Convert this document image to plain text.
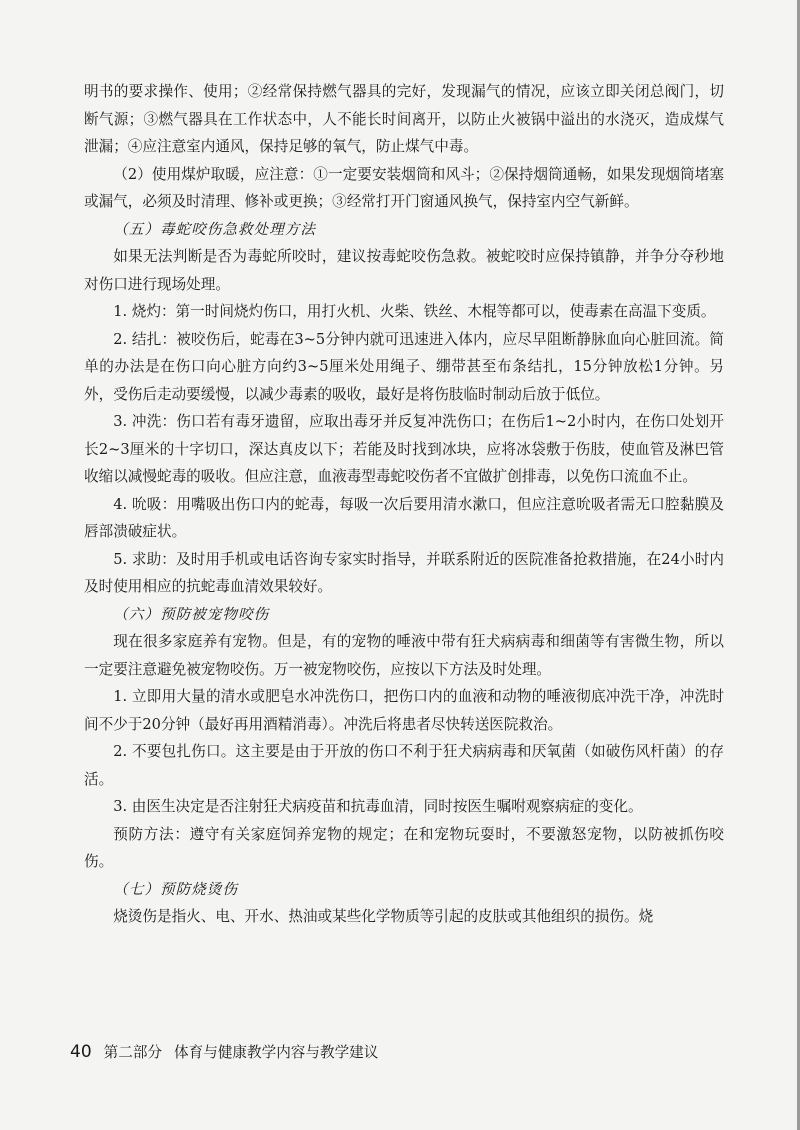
明书的要求操作、使用；②经常保持燃气器具的完好，发现漏气的情况，应该立即关闭总阀门，切断气源；③燃气器具在工作状态中，人不能长时间离开，以防止火被锅中溢出的水浇灭，造成煤气泄漏；④应注意室内通风，保持足够的氧气，防止煤气中毒。

（2）使用煤炉取暖，应注意：①一定要安装烟筒和风斗；②保持烟筒通畅，如果发现烟筒堵塞或漏气，必须及时清理、修补或更换；③经常打开门窗通风换气，保持室内空气新鲜。

（五）毒蛇咬伤急救处理方法

如果无法判断是否为毒蛇所咬时，建议按毒蛇咬伤急救。被蛇咬时应保持镇静，并争分夺秒地对伤口进行现场处理。

1. 烧灼：第一时间烧灼伤口，用打火机、火柴、铁丝、木棍等都可以，使毒素在高温下变质。

2. 结扎：被咬伤后，蛇毒在3~5分钟内就可迅速进入体内，应尽早阻断静脉血向心脏回流。简单的办法是在伤口向心脏方向约3~5厘米处用绳子、绷带甚至布条结扎，15分钟放松1分钟。另外，受伤后走动要缓慢，以减少毒素的吸收，最好是将伤肢临时制动后放于低位。

3. 冲洗：伤口若有毒牙遗留，应取出毒牙并反复冲洗伤口；在伤后1~2小时内，在伤口处划开长2~3厘米的十字切口，深达真皮以下；若能及时找到冰块，应将冰袋敷于伤肢，使血管及淋巴管收缩以减慢蛇毒的吸收。但应注意，血液毒型毒蛇咬伤者不宜做扩创排毒，以免伤口流血不止。

4. 吮吸：用嘴吸出伤口内的蛇毒，每吸一次后要用清水漱口，但应注意吮吸者需无口腔黏膜及唇部溃破症状。

5. 求助：及时用手机或电话咨询专家实时指导，并联系附近的医院准备抢救措施，在24小时内及时使用相应的抗蛇毒血清效果较好。

（六）预防被宠物咬伤

现在很多家庭养有宠物。但是，有的宠物的唾液中带有狂犬病病毒和细菌等有害微生物，所以一定要注意避免被宠物咬伤。万一被宠物咬伤，应按以下方法及时处理。

1. 立即用大量的清水或肥皂水冲洗伤口，把伤口内的血液和动物的唾液彻底冲洗干净，冲洗时间不少于20分钟（最好再用酒精消毒）。冲洗后将患者尽快转送医院救治。

2. 不要包扎伤口。这主要是由于开放的伤口不利于狂犬病病毒和厌氧菌（如破伤风杆菌）的存活。

3. 由医生决定是否注射狂犬病疫苗和抗毒血清，同时按医生嘱咐观察病症的变化。

预防方法：遵守有关家庭饲养宠物的规定；在和宠物玩耍时，不要激怒宠物，以防被抓伤咬伤。

（七）预防烧烫伤

烧烫伤是指火、电、开水、热油或某些化学物质等引起的皮肤或其他组织的损伤。烧

40 第二部分 体育与健康教学内容与教学建议
